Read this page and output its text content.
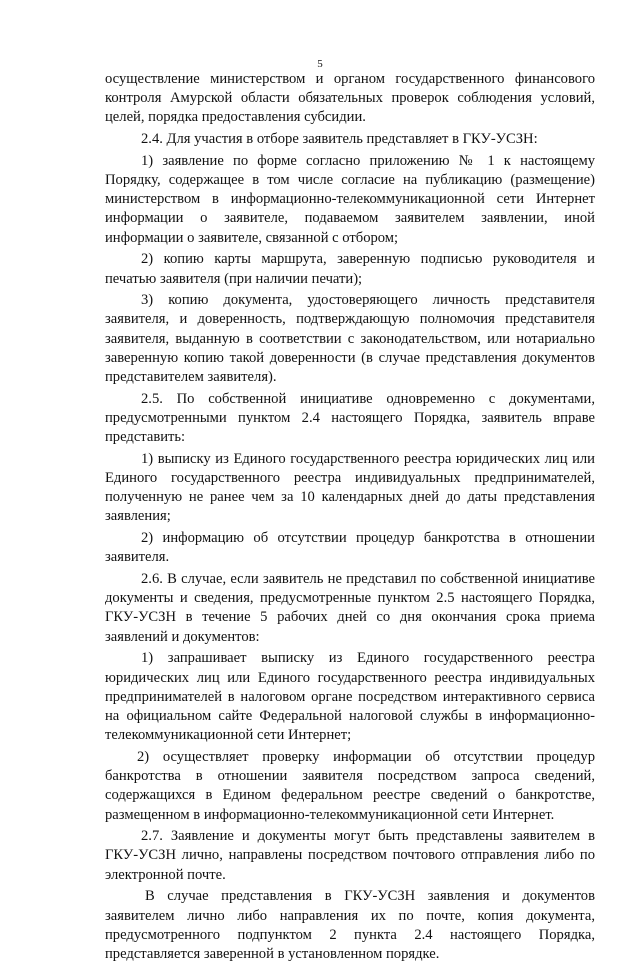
5

осуществление министерством и органом государственного финансового контроля Амурской области обязательных проверок соблюдения условий, целей, порядка предоставления субсидии.

2.4. Для участия в отборе заявитель представляет в ГКУ-УСЗН:

1) заявление по форме согласно приложению № 1 к настоящему Порядку, содержащее в том числе согласие на публикацию (размещение) министерством в информационно-телекоммуникационной сети Интернет информации о заявителе, подаваемом заявителем заявлении, иной информации о заявителе, связанной с отбором;

2) копию карты маршрута, заверенную подписью руководителя и печатью заявителя (при наличии печати);

3) копию документа, удостоверяющего личность представителя заявителя, и доверенность, подтверждающую полномочия представителя заявителя, выданную в соответствии с законодательством, или нотариально заверенную копию такой доверенности (в случае представления документов представителем заявителя).

2.5. По собственной инициативе одновременно с документами, предусмотренными пунктом 2.4 настоящего Порядка, заявитель вправе представить:

1) выписку из Единого государственного реестра юридических лиц или Единого государственного реестра индивидуальных предпринимателей, полученную не ранее чем за 10 календарных дней до даты представления заявления;

2) информацию об отсутствии процедур банкротства в отношении заявителя.

2.6. В случае, если заявитель не представил по собственной инициативе документы и сведения, предусмотренные пунктом 2.5 настоящего Порядка, ГКУ-УСЗН в течение 5 рабочих дней со дня окончания срока приема заявлений и документов:

1) запрашивает выписку из Единого государственного реестра юридических лиц или Единого государственного реестра индивидуальных предпринимателей в налоговом органе посредством интерактивного сервиса на официальном сайте Федеральной налоговой службы в информационно-телекоммуникационной сети Интернет;

2) осуществляет проверку информации об отсутствии процедур банкротства в отношении заявителя посредством запроса сведений, содержащихся в Едином федеральном реестре сведений о банкротстве, размещенном в информационно-телекоммуникационной сети Интернет.

2.7. Заявление и документы могут быть представлены заявителем в ГКУ-УСЗН лично, направлены посредством почтового отправления либо по электронной почте.

В случае представления в ГКУ-УСЗН заявления и документов заявителем лично либо направления их по почте, копия документа, предусмотренного подпунктом 2 пункта 2.4 настоящего Порядка, представляется заверенной в установленном порядке.
